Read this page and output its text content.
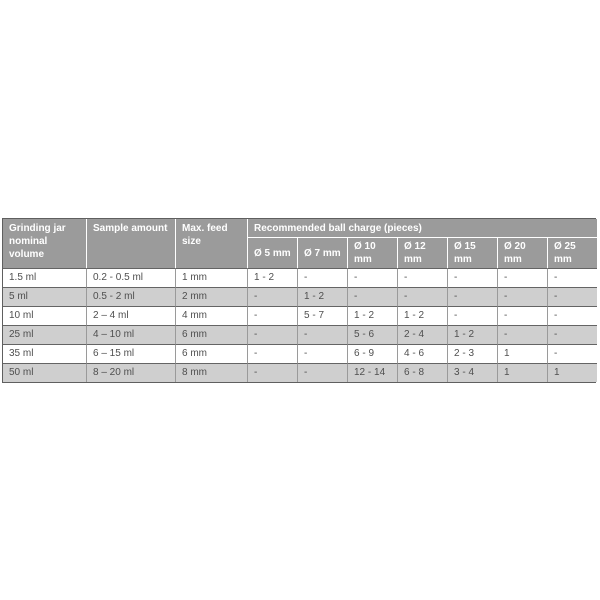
Grinding jar nominal volume	Sample amount	Max. feed size	Recommended ball charge (pieces)						
			Ø 5 mm	Ø 7 mm	Ø 10 mm	Ø 12 mm	Ø 15 mm	Ø 20 mm	Ø 25 mm
1.5 ml	0.2 - 0.5 ml	1 mm	1 - 2	-	-	-	-	-	-
5 ml	0.5 - 2 ml	2 mm	-	1 - 2	-	-	-	-	-
10 ml	2 – 4 ml	4 mm	-	5 - 7	1 - 2	1 - 2	-	-	-
25 ml	4 – 10 ml	6 mm	-	-	5 - 6	2 - 4	1 - 2	-	-
35 ml	6 – 15 ml	6 mm	-	-	6 - 9	4 - 6	2 - 3	1	-
50 ml	8 – 20 ml	8 mm	-	-	12 - 14	6 - 8	3 - 4	1	1
